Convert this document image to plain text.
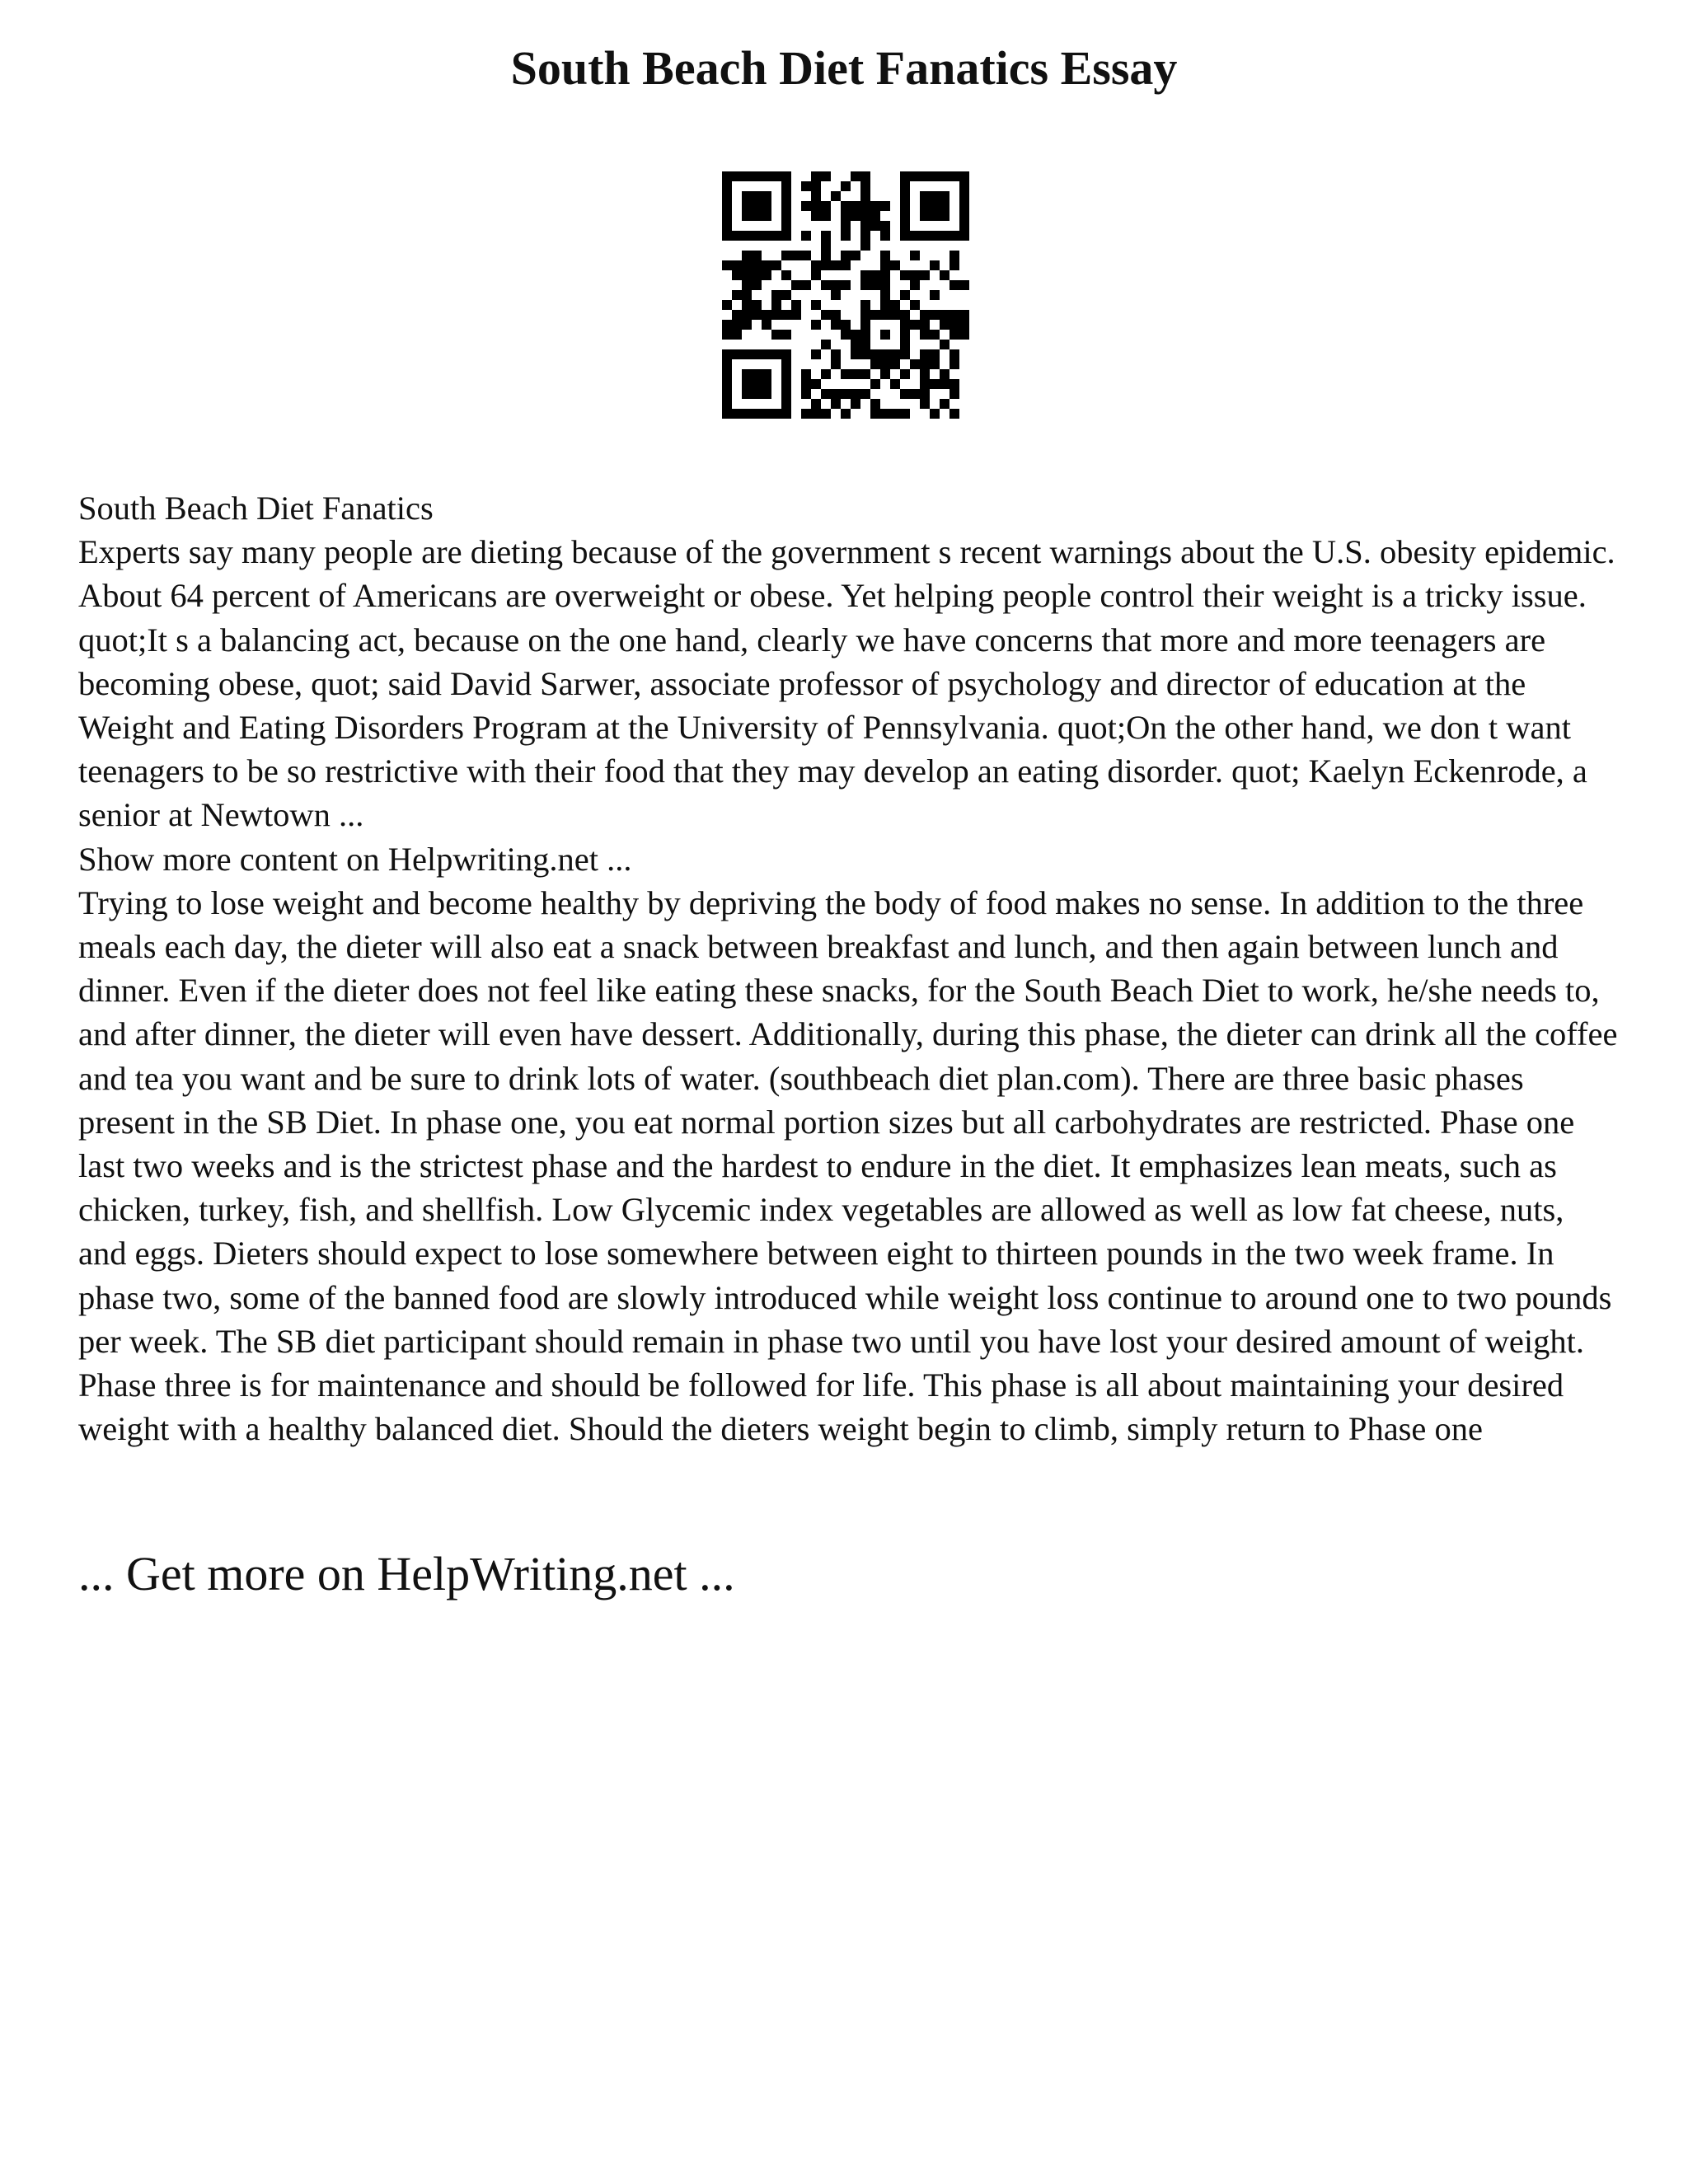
South Beach Diet Fanatics Essay

South Beach Diet Fanatics

Experts say many people are dieting because of the government s recent warnings about the U.S. obesity epidemic. About 64 percent of Americans are overweight or obese. Yet helping people control their weight is a tricky issue. quot;It s a balancing act, because on the one hand, clearly we have concerns that more and more teenagers are becoming obese, quot; said David Sarwer, associate professor of psychology and director of education at the Weight and Eating Disorders Program at the University of Pennsylvania. quot;On the other hand, we don t want teenagers to be so restrictive with their food that they may develop an eating disorder. quot; Kaelyn Eckenrode, a senior at Newtown ...

Show more content on Helpwriting.net ...

Trying to lose weight and become healthy by depriving the body of food makes no sense. In addition to the three meals each day, the dieter will also eat a snack between breakfast and lunch, and then again between lunch and dinner. Even if the dieter does not feel like eating these snacks, for the South Beach Diet to work, he/she needs to, and after dinner, the dieter will even have dessert. Additionally, during this phase, the dieter can drink all the coffee and tea you want and be sure to drink lots of water. (southbeach diet plan.com). There are three basic phases present in the SB Diet. In phase one, you eat normal portion sizes but all carbohydrates are restricted. Phase one last two weeks and is the strictest phase and the hardest to endure in the diet. It emphasizes lean meats, such as chicken, turkey, fish, and shellfish. Low Glycemic index vegetables are allowed as well as low fat cheese, nuts, and eggs. Dieters should expect to lose somewhere between eight to thirteen pounds in the two week frame. In phase two, some of the banned food are slowly introduced while weight loss continue to around one to two pounds per week. The SB diet participant should remain in phase two until you have lost your desired amount of weight. Phase three is for maintenance and should be followed for life. This phase is all about maintaining your desired weight with a healthy balanced diet. Should the dieters weight begin to climb, simply return to Phase one

... Get more on HelpWriting.net ...
